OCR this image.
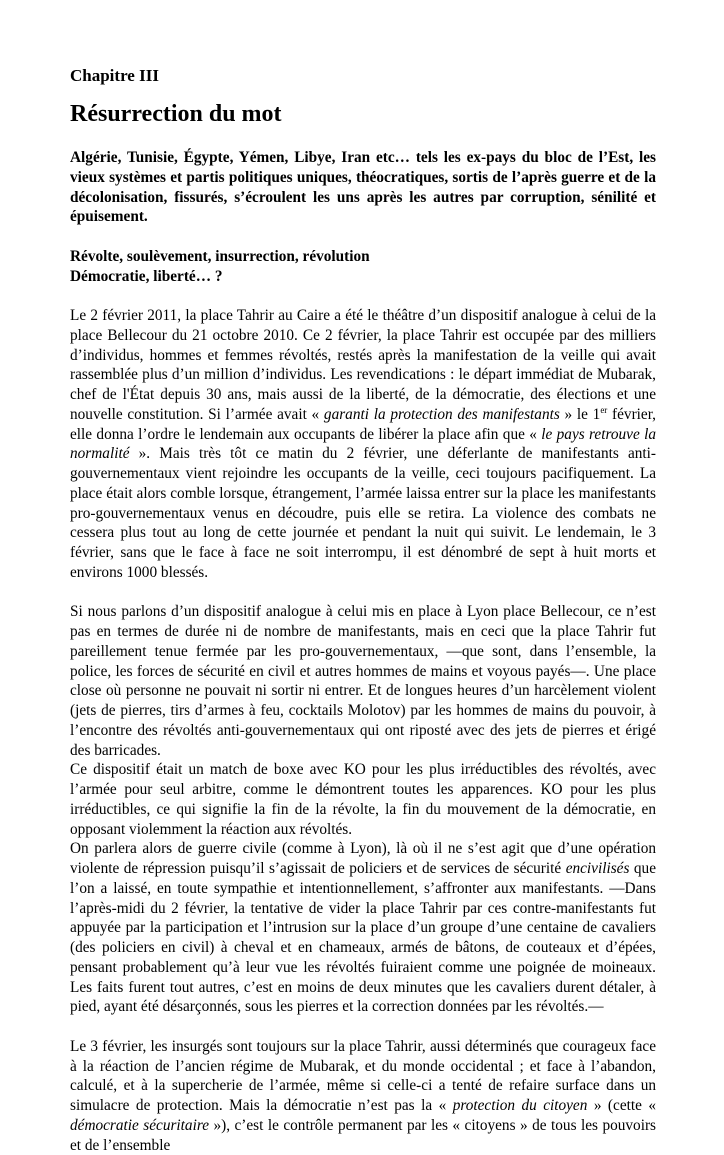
Chapitre III
Résurrection du mot

Algérie, Tunisie, Égypte, Yémen, Libye, Iran etc… tels les ex-pays du bloc de l’Est, les vieux systèmes et partis politiques uniques, théocratiques, sortis de l’après guerre et de la décolonisation, fissurés, s’écroulent les uns après les autres par corruption, sénilité et épuisement.

Révolte, soulèvement, insurrection, révolution

Démocratie, liberté… ?

Le 2 février 2011, la place Tahrir au Caire a été le théâtre d’un dispositif analogue à celui de la place Bellecour du 21 octobre 2010. Ce 2 février, la place Tahrir est occupée par des milliers d’individus, hommes et femmes révoltés, restés après la manifestation de la veille qui avait rassemblée plus d’un million d’individus. Les revendications : le départ immédiat de Mubarak, chef de l'État depuis 30 ans, mais aussi de la liberté, de la démocratie, des élections et une nouvelle constitution. Si l’armée avait « garanti la protection des manifestants » le 1er février, elle donna l’ordre le lendemain aux occupants de libérer la place afin que « le pays retrouve la normalité ». Mais très tôt ce matin du 2 février, une déferlante de manifestants anti-gouvernementaux vient rejoindre les occupants de la veille, ceci toujours pacifiquement. La place était alors comble lorsque, étrangement, l’armée laissa entrer sur la place les manifestants pro-gouvernementaux venus en découdre, puis elle se retira. La violence des combats ne cessera plus tout au long de cette journée et pendant la nuit qui suivit. Le lendemain, le 3 février, sans que le face à face ne soit interrompu, il est dénombré de sept à huit morts et environs 1000 blessés.

Si nous parlons d’un dispositif analogue à celui mis en place à Lyon place Bellecour, ce n’est pas en termes de durée ni de nombre de manifestants, mais en ceci que la place Tahrir fut pareillement tenue fermée par les pro-gouvernementaux, —que sont, dans l’ensemble, la police, les forces de sécurité en civil et autres hommes de mains et voyous payés—. Une place close où personne ne pouvait ni sortir ni entrer. Et de longues heures d’un harcèlement violent (jets de pierres, tirs d’armes à feu, cocktails Molotov) par les hommes de mains du pouvoir, à l’encontre des révoltés anti-gouvernementaux qui ont riposté avec des jets de pierres et érigé des barricades.

Ce dispositif était un match de boxe avec KO pour les plus irréductibles des révoltés, avec l’armée pour seul arbitre, comme le démontrent toutes les apparences. KO pour les plus irréductibles, ce qui signifie la fin de la révolte, la fin du mouvement de la démocratie, en opposant violemment la réaction aux révoltés.

On parlera alors de guerre civile (comme à Lyon), là où il ne s’est agit que d’une opération violente de répression puisqu’il s’agissait de policiers et de services de sécurité encivilisés que l’on a laissé, en toute sympathie et intentionnellement, s’affronter aux manifestants. —Dans l’après-midi du 2 février, la tentative de vider la place Tahrir par ces contre-manifestants fut appuyée par la participation et l’intrusion sur la place d’un groupe d’une centaine de cavaliers (des policiers en civil) à cheval et en chameaux, armés de bâtons, de couteaux et d’épées, pensant probablement qu’à leur vue les révoltés fuiraient comme une poignée de moineaux. Les faits furent tout autres, c’est en moins de deux minutes que les cavaliers durent détaler, à pied, ayant été désarçonnés, sous les pierres et la correction données par les révoltés.—

Le 3 février, les insurgés sont toujours sur la place Tahrir, aussi déterminés que courageux face à la réaction de l’ancien régime de Mubarak, et du monde occidental ; et face à l’abandon, calculé, et à la supercherie de l’armée, même si celle-ci a tenté de refaire surface dans un simulacre de protection. Mais la démocratie n’est pas la « protection du citoyen » (cette « démocratie sécuritaire »), c’est le contrôle permanent par les « citoyens » de tous les pouvoirs et de l’ensemble
